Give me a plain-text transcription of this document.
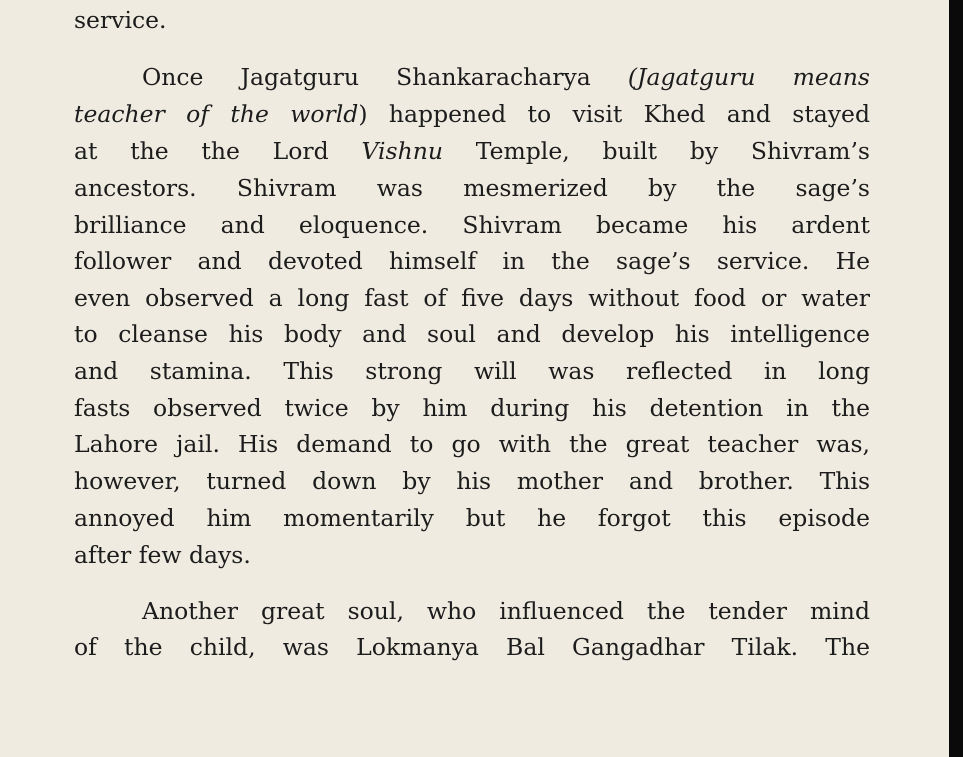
service.
Once Jagatguru Shankaracharya (Jagatguru means
teacher of the world) happened to visit Khed and stayed
at the the Lord Vishnu Temple, built by Shivram’s
ancestors. Shivram was mesmerized by the sage’s
brilliance and eloquence. Shivram became his ardent
follower and devoted himself in the sage’s service. He
even observed a long fast of five days without food or water
to cleanse his body and soul and develop his intelligence
and stamina. This strong will was reflected in long
fasts observed twice by him during his detention in the
Lahore jail. His demand to go with the great teacher was,
however, turned down by his mother and brother. This
annoyed him momentarily but he forgot this episode
after few days.
Another great soul, who influenced the tender mind
of the child, was Lokmanya Bal Gangadhar Tilak. The
